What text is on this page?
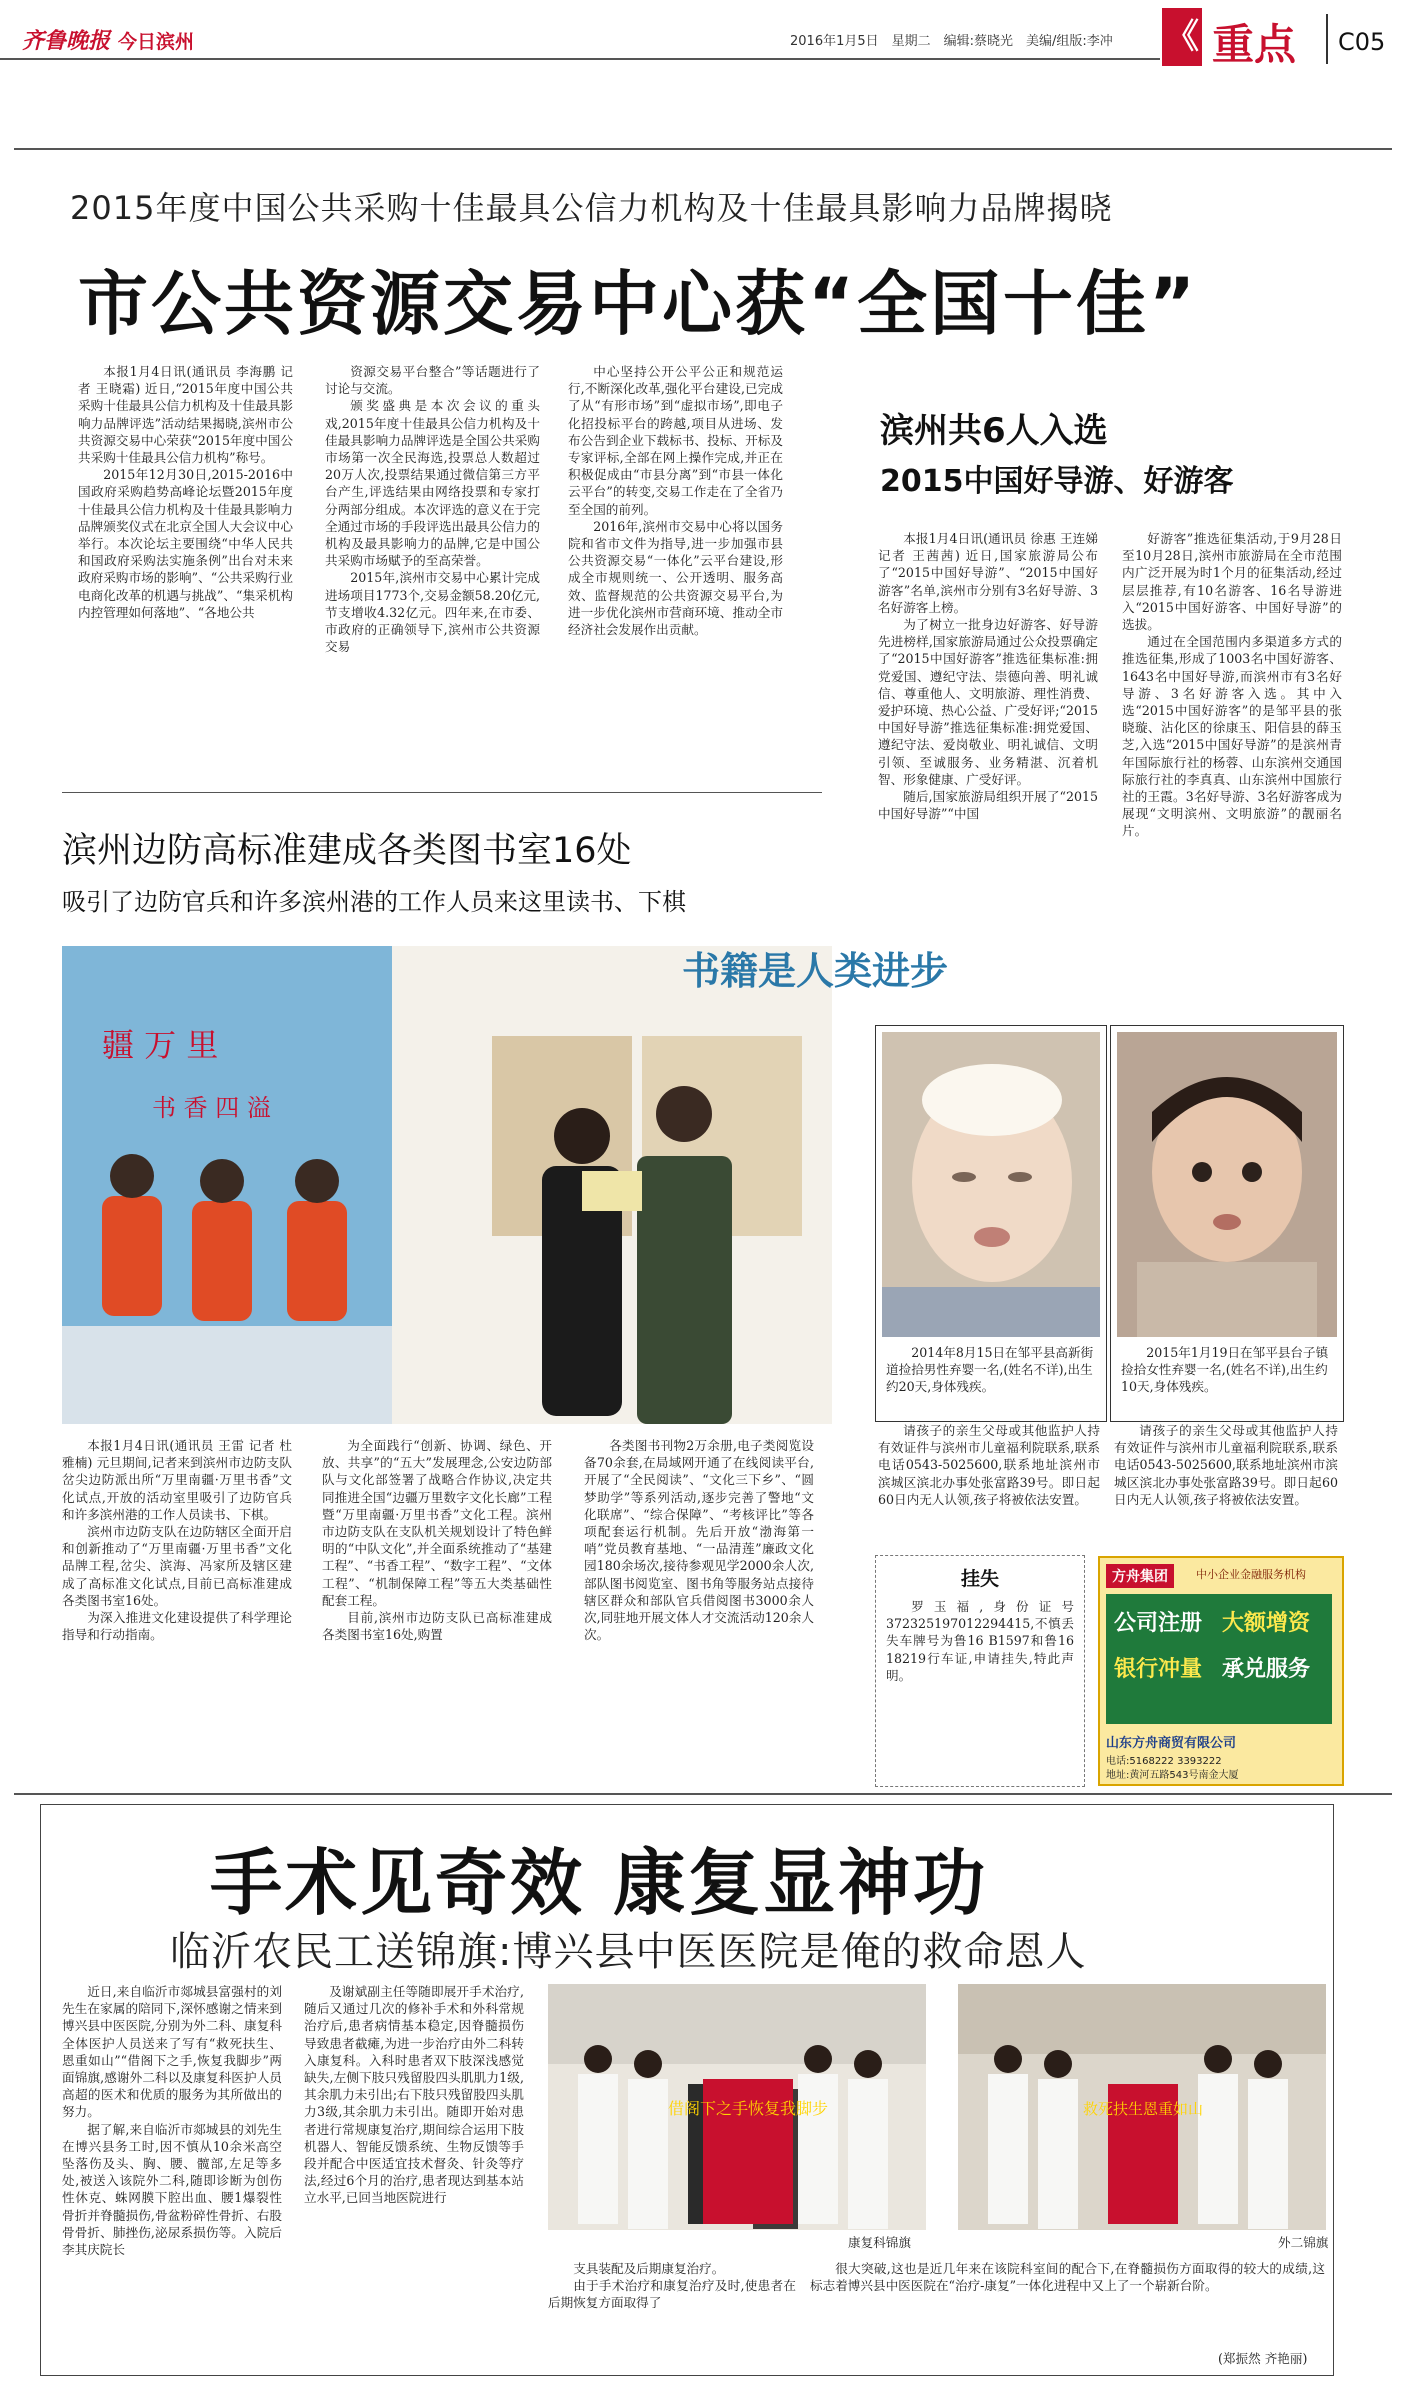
齐鲁晚报 今日滨州	2016年1月5日　星期二　编辑:蔡晓光　美编/组版:李冲 《 重点 C05
2015年度中国公共采购十佳最具公信力机构及十佳最具影响力品牌揭晓
市公共资源交易中心获“全国十佳”

本报1月4日讯(通讯员 李海鹏 记者 王晓霜) 近日,“2015年度中国公共采购十佳最具公信力机构及十佳最具影响力品牌评选”活动结果揭晓,滨州市公共资源交易中心荣获“2015年度中国公共采购十佳最具公信力机构”称号。

2015年12月30日,2015-2016中国政府采购趋势高峰论坛暨2015年度十佳最具公信力机构及十佳最具影响力品牌颁奖仪式在北京全国人大会议中心举行。本次论坛主要围绕“中华人民共和国政府采购法实施条例”出台对未来政府采购市场的影响”、“公共采购行业电商化改革的机遇与挑战”、“集采机构内控管理如何落地”、“各地公共

资源交易平台整合”等话题进行了讨论与交流。

颁奖盛典是本次会议的重头戏,2015年度十佳最具公信力机构及十佳最具影响力品牌评选是全国公共采购市场第一次全民海选,投票总人数超过20万人次,投票结果通过微信第三方平台产生,评选结果由网络投票和专家打分两部分组成。本次评选的意义在于完全通过市场的手段评选出最具公信力的机构及最具影响力的品牌,它是中国公共采购市场赋予的至高荣誉。

2015年,滨州市交易中心累计完成进场项目1773个,交易金额58.20亿元,节支增收4.32亿元。四年来,在市委、市政府的正确领导下,滨州市公共资源交易

中心坚持公开公平公正和规范运行,不断深化改革,强化平台建设,已完成了从“有形市场”到“虚拟市场”,即电子化招投标平台的跨越,项目从进场、发布公告到企业下载标书、投标、开标及专家评标,全部在网上操作完成,并正在积极促成由“市县分离”到“市县一体化云平台”的转变,交易工作走在了全省乃至全国的前列。

2016年,滨州市交易中心将以国务院和省市文件为指导,进一步加强市县公共资源交易“一体化”云平台建设,形成全市规则统一、公开透明、服务高效、监督规范的公共资源交易平台,为进一步优化滨州市营商环境、推动全市经济社会发展作出贡献。

滨州共6人入选
2015中国好导游、好游客

本报1月4日讯(通讯员 徐惠 王连娣 记者 王茜茜) 近日,国家旅游局公布了“2015中国好导游”、“2015中国好游客”名单,滨州市分别有3名好导游、3名好游客上榜。

为了树立一批身边好游客、好导游先进榜样,国家旅游局通过公众投票确定了“2015中国好游客”推选征集标准:拥党爱国、遵纪守法、崇德向善、明礼诚信、尊重他人、文明旅游、理性消费、爱护环境、热心公益、广受好评;“2015中国好导游”推选征集标准:拥党爱国、遵纪守法、爱岗敬业、明礼诚信、文明引领、至诚服务、业务精湛、沉着机智、形象健康、广受好评。

随后,国家旅游局组织开展了“2015中国好导游”“中国

好游客”推选征集活动,于9月28日至10月28日,滨州市旅游局在全市范围内广泛开展为时1个月的征集活动,经过层层推荐,有10名游客、16名导游进入“2015中国好游客、中国好导游”的选拔。

通过在全国范围内多渠道多方式的推选征集,形成了1003名中国好游客、1643名中国好导游,而滨州市有3名好导游、3名好游客入选。其中入选“2015中国好游客”的是邹平县的张晓璇、沾化区的徐康玉、阳信县的薛玉芝,入选“2015中国好导游”的是滨州青年国际旅行社的杨蓉、山东滨州交通国际旅行社的李真真、山东滨州中国旅行社的王霞。3名好导游、3名好游客成为展现“文明滨州、文明旅游”的靓丽名片。

2014年8月15日在邹平县高新街道捡拾男性弃婴一名,(姓名不详),出生约20天,身体残疾。

请孩子的亲生父母或其他监护人持有效证件与滨州市儿童福利院联系,联系电话0543-5025600,联系地址滨州市滨城区滨北办事处张富路39号。即日起60日内无人认领,孩子将被依法安置。

2015年1月19日在邹平县台子镇捡拾女性弃婴一名,(姓名不详),出生约10天,身体残疾。

请孩子的亲生父母或其他监护人持有效证件与滨州市儿童福利院联系,联系电话0543-5025600,联系地址滨州市滨城区滨北办事处张富路39号。即日起60日内无人认领,孩子将被依法安置。

挂失

罗玉福,身份证号372325197012294415,不慎丢失车牌号为鲁16 B1597和鲁16 18219行车证,申请挂失,特此声明。

方舟集团	中小企业金融服务机构
公司注册 大额增资
银行冲量 承兑服务
山东方舟商贸有限公司
电话:5168222 3393222
地址:黄河五路543号南金大厦
滨州边防高标准建成各类图书室16处
吸引了边防官兵和许多滨州港的工作人员来这里读书、下棋
书籍是人类进步
疆 万 里
书 香 四 溢

本报1月4日讯(通讯员 王雷 记者 杜雅楠) 元旦期间,记者来到滨州市边防支队岔尖边防派出所“万里南疆·万里书香”文化试点,开放的活动室里吸引了边防官兵和许多滨州港的工作人员读书、下棋。

滨州市边防支队在边防辖区全面开启和创新推动了“万里南疆·万里书香”文化品牌工程,岔尖、滨海、冯家所及辖区建成了高标准文化试点,目前已高标准建成各类图书室16处。

为深入推进文化建设提供了科学理论指导和行动指南。

为全面践行“创新、协调、绿色、开放、共享”的“五大”发展理念,公安边防部队与文化部签署了战略合作协议,决定共同推进全国“边疆万里数字文化长廊”工程暨“万里南疆·万里书香”文化工程。滨州市边防支队在支队机关规划设计了特色鲜明的“中队文化”,并全面系统推动了“基建工程”、“书香工程”、“数字工程”、“文体工程”、“机制保障工程”等五大类基础性配套工程。

目前,滨州市边防支队已高标准建成各类图书室16处,购置

各类图书刊物2万余册,电子类阅览设备70余套,在局域网开通了在线阅读平台,开展了“全民阅读”、“文化三下乡”、“圆梦助学”等系列活动,逐步完善了警地“文化联席”、“综合保障”、“考核评比”等各项配套运行机制。先后开放“渤海第一哨”党员教育基地、“一品清莲”廉政文化园180余场次,接待参观见学2000余人次,部队图书阅览室、图书角等服务站点接待辖区群众和部队官兵借阅图书3000余人次,同驻地开展文体人才交流活动120余人次。

手术见奇效 康复显神功
临沂农民工送锦旗:博兴县中医医院是俺的救命恩人

近日,来自临沂市郯城县富强村的刘先生在家属的陪同下,深怀感谢之情来到博兴县中医医院,分别为外二科、康复科全体医护人员送来了写有“救死扶生、恩重如山”“借阁下之手,恢复我脚步”两面锦旗,感谢外二科以及康复科医护人员高超的医术和优质的服务为其所做出的努力。

据了解,来自临沂市郯城县的刘先生在博兴县务工时,因不慎从10余米高空坠落伤及头、胸、腰、髋部,左足等多处,被送入该院外二科,随即诊断为创伤性休克、蛛网膜下腔出血、腰1爆裂性骨折并脊髓损伤,骨盆粉碎性骨折、右股骨骨折、肺挫伤,泌尿系损伤等。入院后李其庆院长

及谢斌副主任等随即展开手术治疗,随后又通过几次的修补手术和外科常规治疗后,患者病情基本稳定,因脊髓损伤导致患者截瘫,为进一步治疗由外二科转入康复科。入科时患者双下肢深浅感觉缺失,左侧下肢只残留股四头肌肌力1级,其余肌力未引出;右下肢只残留股四头肌力3级,其余肌力未引出。随即开始对患者进行常规康复治疗,期间综合运用下肢机器人、智能反馈系统、生物反馈等手段并配合中医适宜技术督灸、针灸等疗法,经过6个月的治疗,患者现达到基本站立水平,已回当地医院进行

借阁下之手恢复我脚步
康复科锦旗

支具装配及后期康复治疗。

由于手术治疗和康复治疗及时,使患者在后期恢复方面取得了

救死扶生恩重如山
外二锦旗

很大突破,这也是近几年来在该院科室间的配合下,在脊髓损伤方面取得的较大的成绩,这标志着博兴县中医医院在“治疗-康复”一体化进程中又上了一个崭新台阶。

(郑振然 齐艳丽)
